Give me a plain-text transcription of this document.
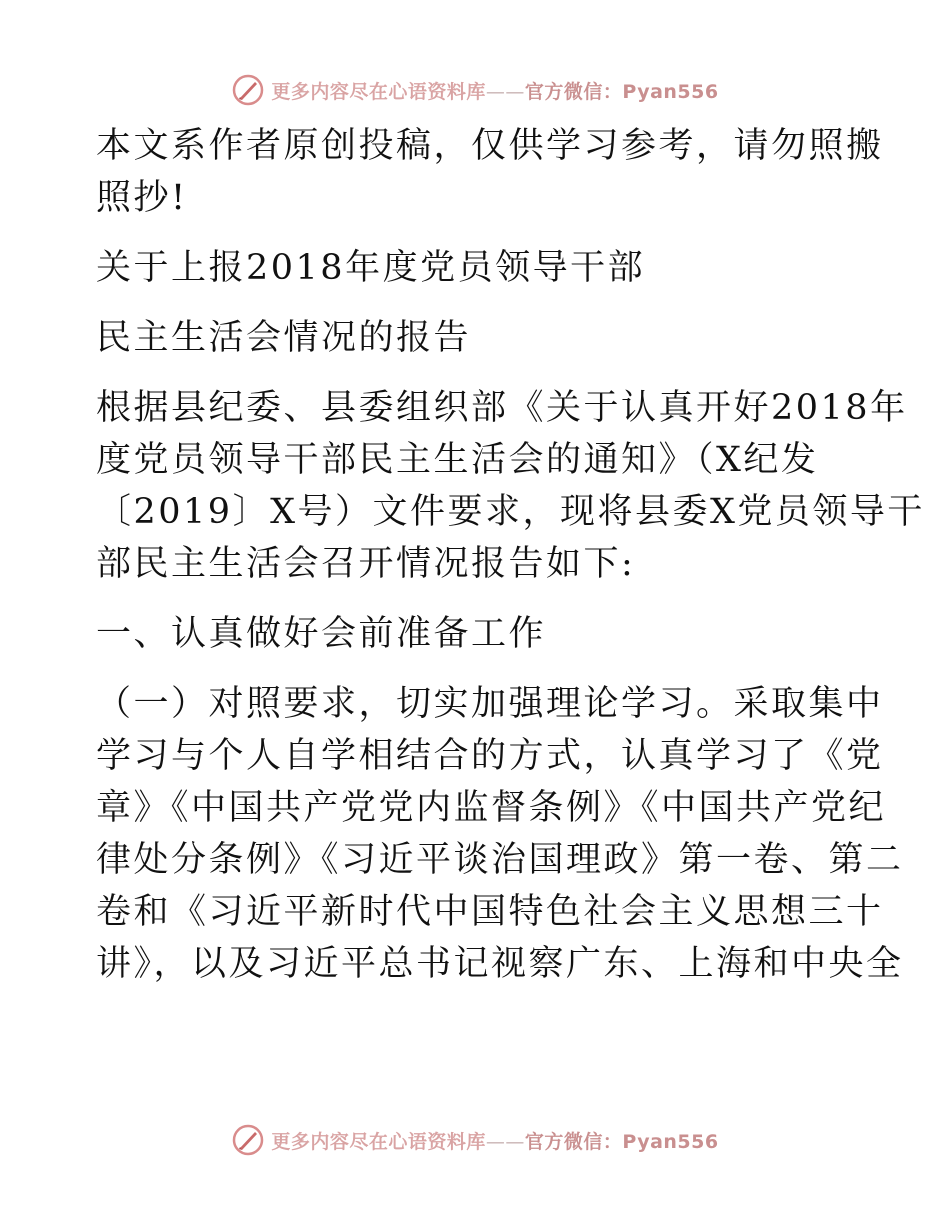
更多内容尽在心语资料库——官方微信：Pyan556

本文系作者原创投稿，仅供学习参考，请勿照搬

照抄!

关于上报2018年度党员领导干部

民主生活会情况的报告

根据县纪委、县委组织部《关于认真开好2018年

度党员领导干部民主生活会的通知》（X纪发

〔2019〕X号）文件要求，现将县委X党员领导干

部民主生活会召开情况报告如下:

一、认真做好会前准备工作

（一）对照要求，切实加强理论学习。采取集中

学习与个人自学相结合的方式，认真学习了《党

章》《中国共产党党内监督条例》《中国共产党纪

律处分条例》《习近平谈治国理政》第一卷、第二

卷和《习近平新时代中国特色社会主义思想三十

讲》，以及习近平总书记视察广东、上海和中央全

更多内容尽在心语资料库——官方微信：Pyan556
